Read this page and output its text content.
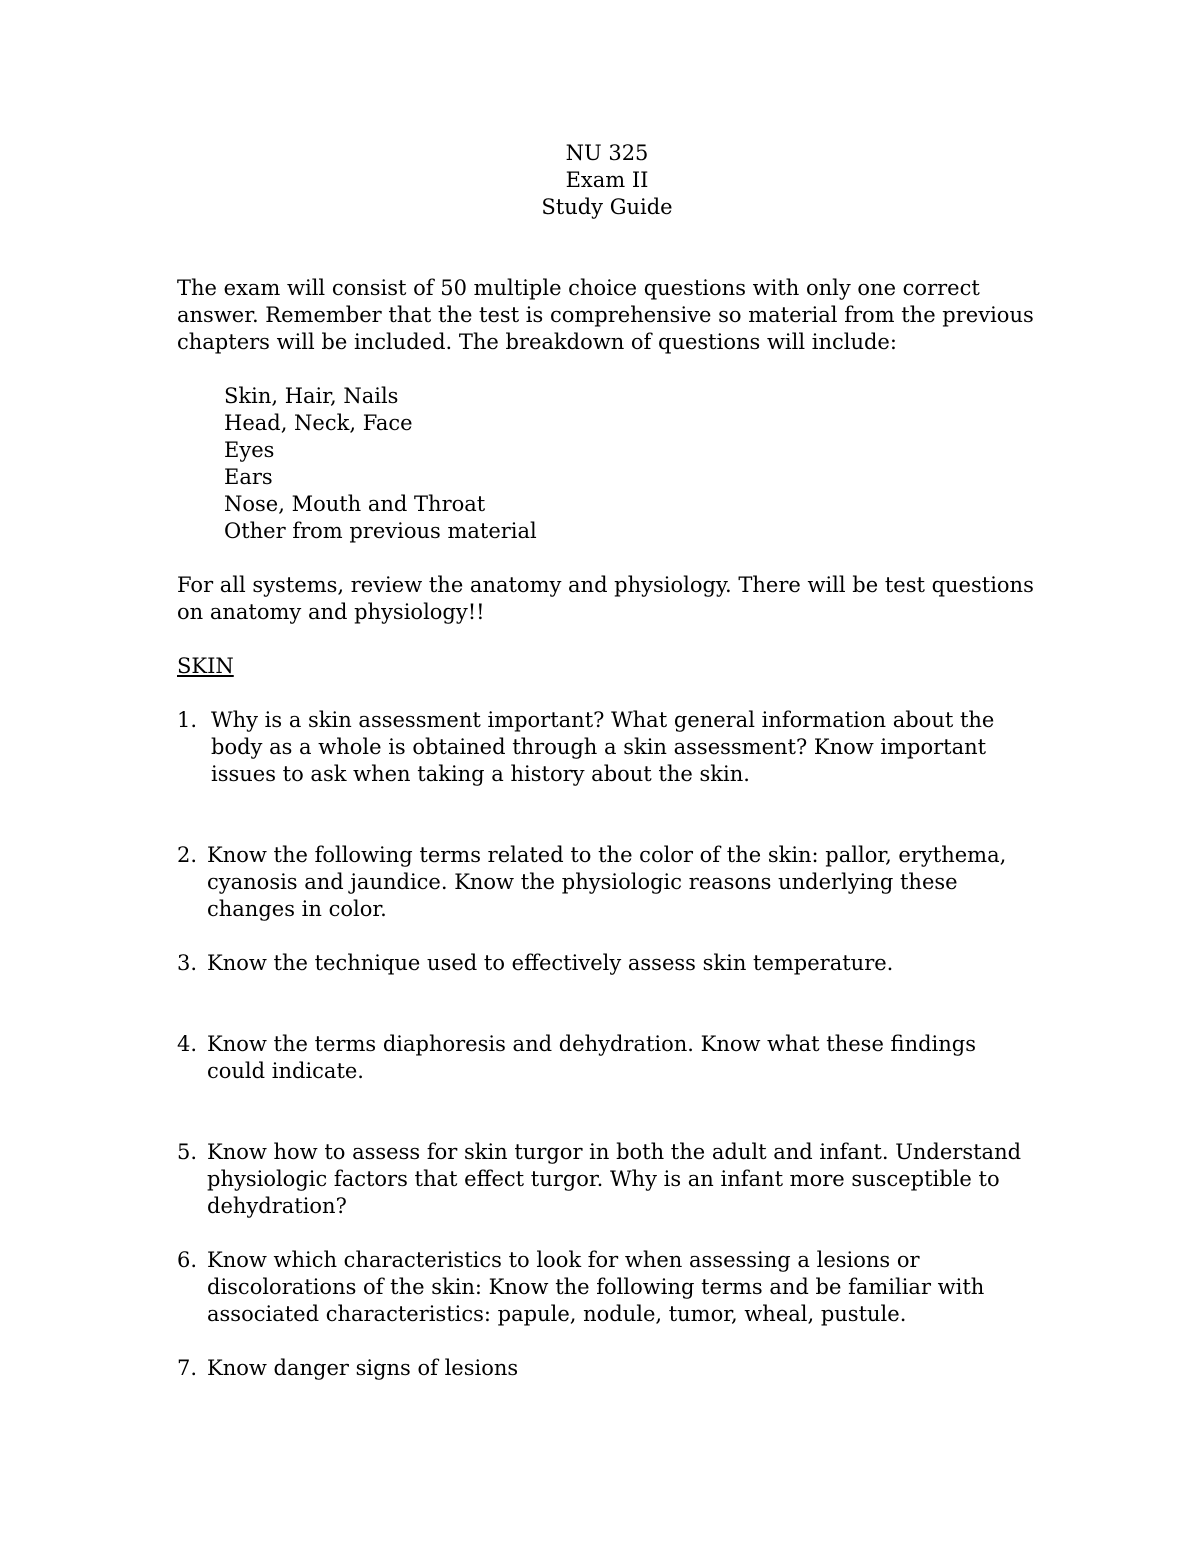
NU 325
Exam II
Study Guide

The exam will consist of 50 multiple choice questions with only one correct answer. Remember that the test is comprehensive so material from the previous chapters will be included. The breakdown of questions will include:

Skin, Hair, Nails
Head, Neck, Face
Eyes
Ears
Nose, Mouth and Throat
Other from previous material

For all systems, review the anatomy and physiology. There will be test questions on anatomy and physiology!!

SKIN
1. Why is a skin assessment important? What general information about the body as a whole is obtained through a skin assessment? Know important issues to ask when taking a history about the skin.
2. Know the following terms related to the color of the skin: pallor, erythema, cyanosis and jaundice. Know the physiologic reasons underlying these changes in color.
3. Know the technique used to effectively assess skin temperature.
4. Know the terms diaphoresis and dehydration. Know what these findings could indicate.
5. Know how to assess for skin turgor in both the adult and infant. Understand physiologic factors that effect turgor. Why is an infant more susceptible to dehydration?
6. Know which characteristics to look for when assessing a lesions or discolorations of the skin: Know the following terms and be familiar with associated characteristics: papule, nodule, tumor, wheal, pustule.
7. Know danger signs of lesions
